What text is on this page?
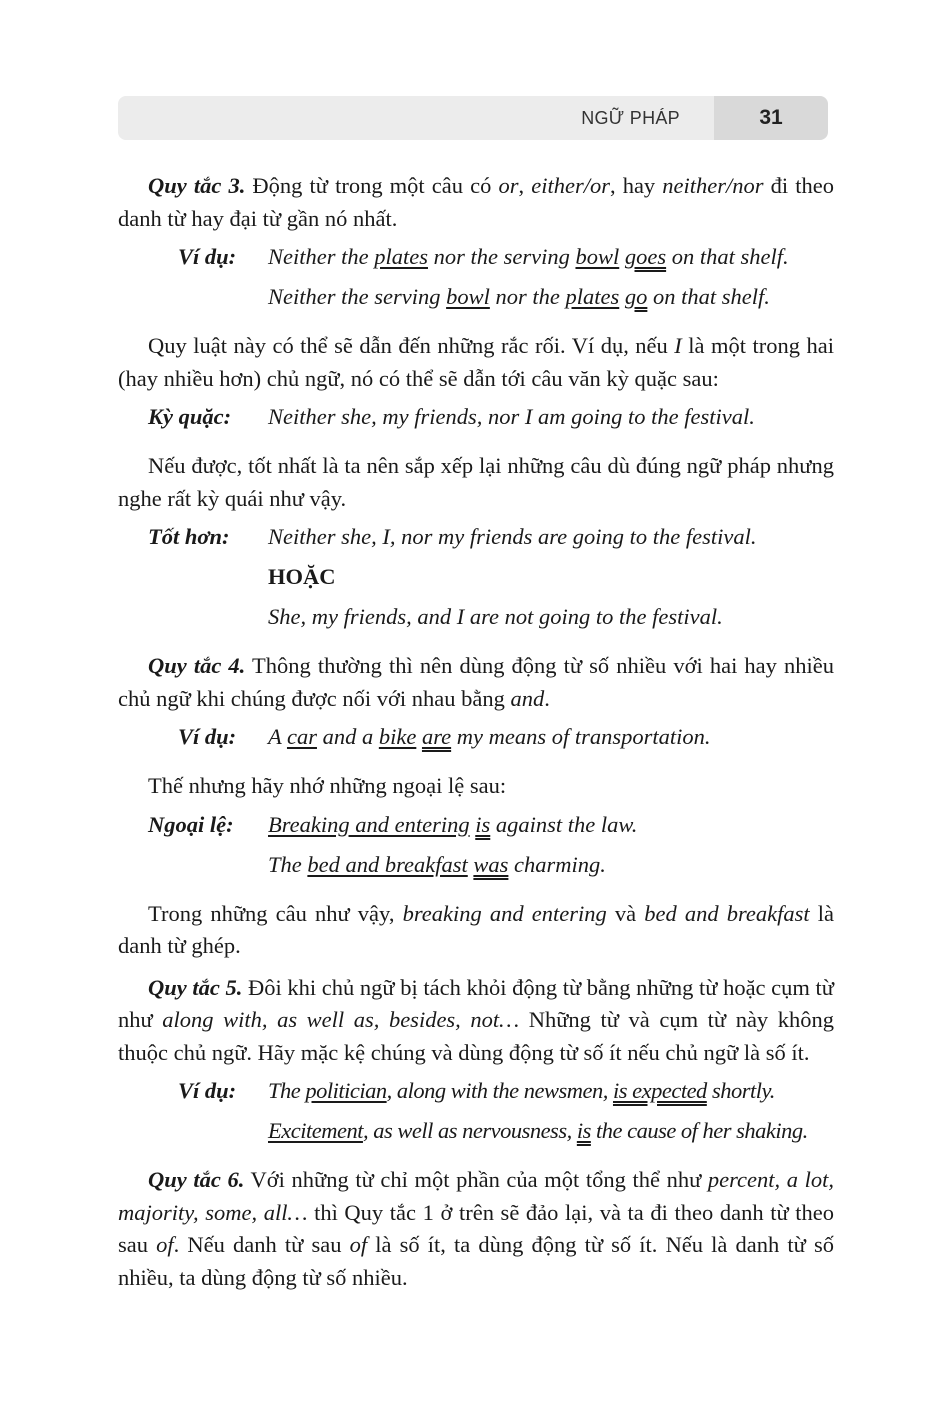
NGỮ PHÁP	31

Quy tắc 3. Động từ trong một câu có or, either/or, hay neither/nor đi theo danh từ hay đại từ gần nó nhất.

Ví dụ: Neither the plates nor the serving bowl goes on that shelf.
Neither the serving bowl nor the plates go on that shelf.

Quy luật này có thể sẽ dẫn đến những rắc rối. Ví dụ, nếu I là một trong hai (hay nhiều hơn) chủ ngữ, nó có thể sẽ dẫn tới câu văn kỳ quặc sau:

Kỳ quặc: Neither she, my friends, nor I am going to the festival.

Nếu được, tốt nhất là ta nên sắp xếp lại những câu dù đúng ngữ pháp nhưng nghe rất kỳ quái như vậy.

Tốt hơn: Neither she, I, nor my friends are going to the festival.
HOẶC
She, my friends, and I are not going to the festival.

Quy tắc 4. Thông thường thì nên dùng động từ số nhiều với hai hay nhiều chủ ngữ khi chúng được nối với nhau bằng and.

Ví dụ: A car and a bike are my means of transportation.

Thế nhưng hãy nhớ những ngoại lệ sau:

Ngoại lệ: Breaking and entering is against the law.
The bed and breakfast was charming.

Trong những câu như vậy, breaking and entering và bed and breakfast là danh từ ghép.

Quy tắc 5. Đôi khi chủ ngữ bị tách khỏi động từ bằng những từ hoặc cụm từ như along with, as well as, besides, not… Những từ và cụm từ này không thuộc chủ ngữ. Hãy mặc kệ chúng và dùng động từ số ít nếu chủ ngữ là số ít.

Ví dụ: The politician, along with the newsmen, is expected shortly.
Excitement, as well as nervousness, is the cause of her shaking.

Quy tắc 6. Với những từ chỉ một phần của một tổng thể như percent, a lot, majority, some, all… thì Quy tắc 1 ở trên sẽ đảo lại, và ta đi theo danh từ theo sau of. Nếu danh từ sau of là số ít, ta dùng động từ số ít. Nếu là danh từ số nhiều, ta dùng động từ số nhiều.
